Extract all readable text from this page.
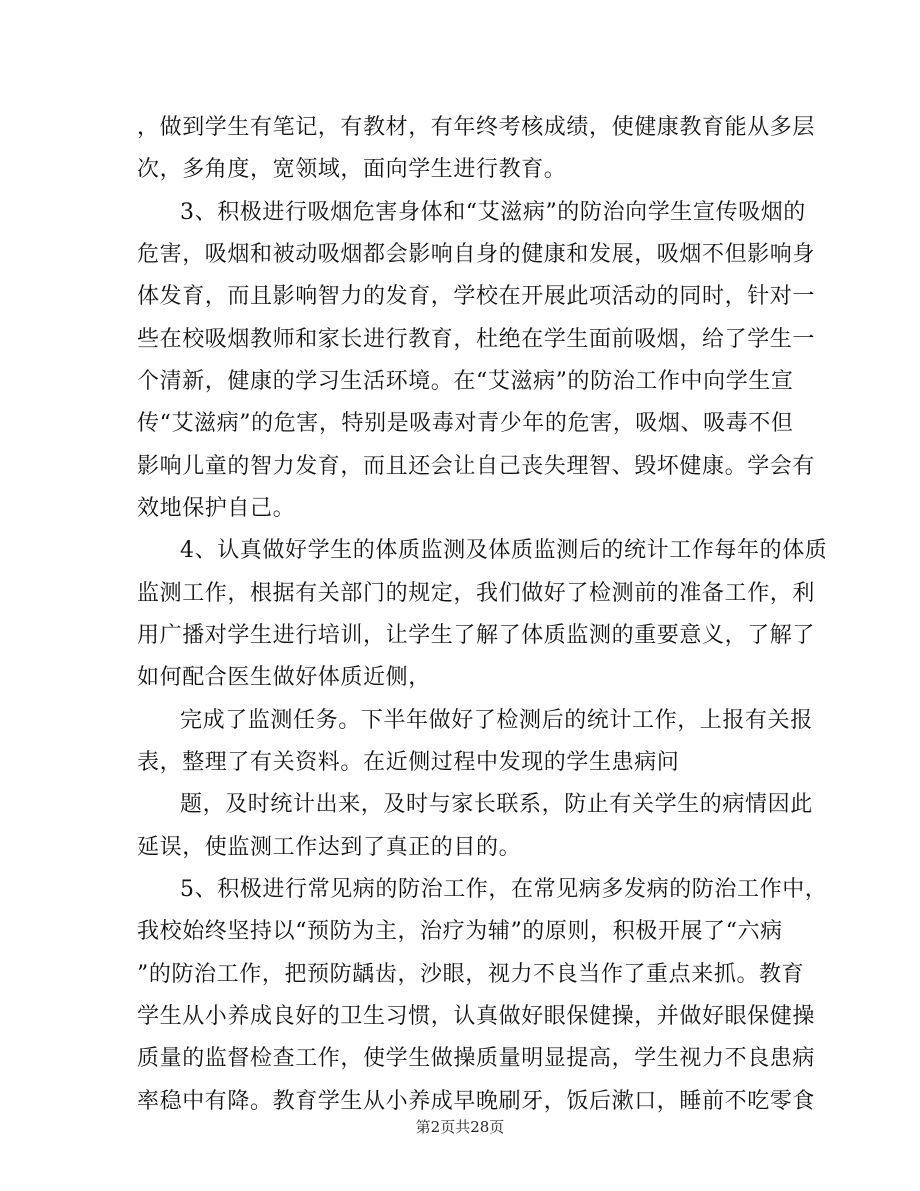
，做到学生有笔记，有教材，有年终考核成绩，使健康教育能从多层
次，多角度，宽领域，面向学生进行教育。
3、积极进行吸烟危害身体和“艾滋病”的防治向学生宣传吸烟的
危害，吸烟和被动吸烟都会影响自身的健康和发展，吸烟不但影响身
体发育，而且影响智力的发育，学校在开展此项活动的同时，针对一
些在校吸烟教师和家长进行教育，杜绝在学生面前吸烟，给了学生一
个清新，健康的学习生活环境。在“艾滋病”的防治工作中向学生宣
传“艾滋病”的危害，特别是吸毒对青少年的危害，吸烟、吸毒不但
影响儿童的智力发育，而且还会让自己丧失理智、毁坏健康。学会有
效地保护自己。
4、认真做好学生的体质监测及体质监测后的统计工作每年的体质
监测工作，根据有关部门的规定，我们做好了检测前的准备工作，利
用广播对学生进行培训，让学生了解了体质监测的重要意义，了解了
如何配合医生做好体质近侧，
完成了监测任务。下半年做好了检测后的统计工作，上报有关报
表，整理了有关资料。在近侧过程中发现的学生患病问
题，及时统计出来，及时与家长联系，防止有关学生的病情因此
延误，使监测工作达到了真正的目的。
5、积极进行常见病的防治工作，在常见病多发病的防治工作中，
我校始终坚持以“预防为主，治疗为辅”的原则，积极开展了“六病
”的防治工作，把预防龋齿，沙眼，视力不良当作了重点来抓。教育
学生从小养成良好的卫生习惯，认真做好眼保健操，并做好眼保健操
质量的监督检查工作，使学生做操质量明显提高，学生视力不良患病
率稳中有降。教育学生从小养成早晚刷牙，饭后漱口，睡前不吃零食
第2页共28页
